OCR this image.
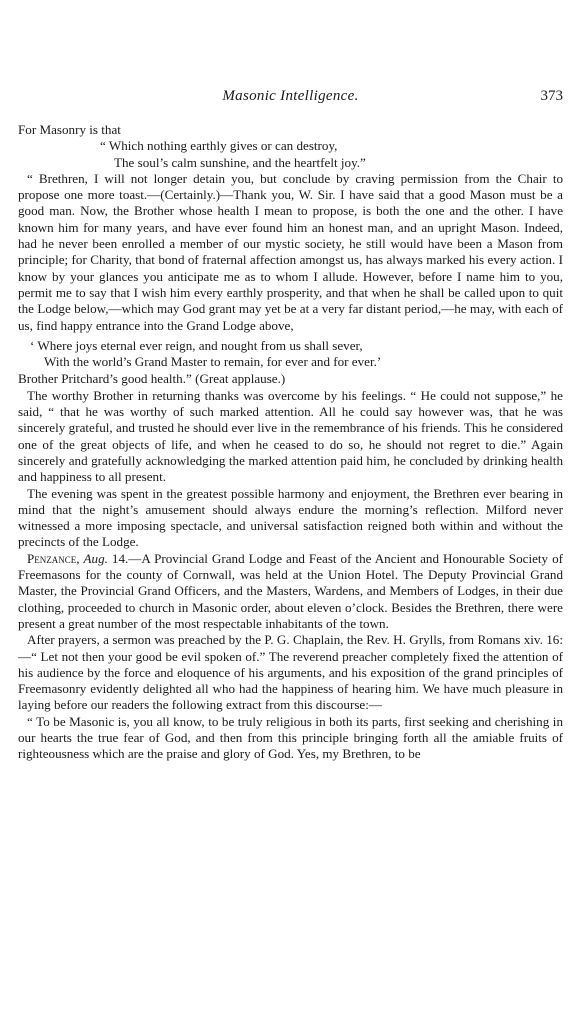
Masonic Intelligence.	373

For Masonry is that

“ Which nothing earthly gives or can destroy,
The soul’s calm sunshine, and the heartfelt joy.”

“ Brethren, I will not longer detain you, but conclude by craving permission from the Chair to propose one more toast.—(Certainly.)—Thank you, W. Sir. I have said that a good Mason must be a good man. Now, the Brother whose health I mean to propose, is both the one and the other. I have known him for many years, and have ever found him an honest man, and an upright Mason. Indeed, had he never been enrolled a member of our mystic society, he still would have been a Mason from principle; for Charity, that bond of fraternal affection amongst us, has always marked his every action. I know by your glances you anticipate me as to whom I allude. However, before I name him to you, permit me to say that I wish him every earthly prosperity, and that when he shall be called upon to quit the Lodge below,—which may God grant may yet be at a very far distant period,—he may, with each of us, find happy entrance into the Grand Lodge above,

‘ Where joys eternal ever reign, and nought from us shall sever,
With the world’s Grand Master to remain, for ever and for ever.’

Brother Pritchard’s good health.” (Great applause.)

The worthy Brother in returning thanks was overcome by his feelings. “ He could not suppose,” he said, “ that he was worthy of such marked attention. All he could say however was, that he was sincerely grateful, and trusted he should ever live in the remembrance of his friends. This he considered one of the great objects of life, and when he ceased to do so, he should not regret to die.” Again sincerely and gratefully acknowledging the marked attention paid him, he concluded by drinking health and happiness to all present.

The evening was spent in the greatest possible harmony and enjoyment, the Brethren ever bearing in mind that the night’s amusement should always endure the morning’s reflection. Milford never witnessed a more imposing spectacle, and universal satisfaction reigned both within and without the precincts of the Lodge.

Penzance, Aug. 14.—A Provincial Grand Lodge and Feast of the Ancient and Honourable Society of Freemasons for the county of Cornwall, was held at the Union Hotel. The Deputy Provincial Grand Master, the Provincial Grand Officers, and the Masters, Wardens, and Members of Lodges, in their due clothing, proceeded to church in Masonic order, about eleven o’clock. Besides the Brethren, there were present a great number of the most respectable inhabitants of the town.

After prayers, a sermon was preached by the P. G. Chaplain, the Rev. H. Grylls, from Romans xiv. 16:—“ Let not then your good be evil spoken of.” The reverend preacher completely fixed the attention of his audience by the force and eloquence of his arguments, and his exposition of the grand principles of Freemasonry evidently delighted all who had the happiness of hearing him. We have much pleasure in laying before our readers the following extract from this discourse:—

“ To be Masonic is, you all know, to be truly religious in both its parts, first seeking and cherishing in our hearts the true fear of God, and then from this principle bringing forth all the amiable fruits of righteousness which are the praise and glory of God. Yes, my Brethren, to be
